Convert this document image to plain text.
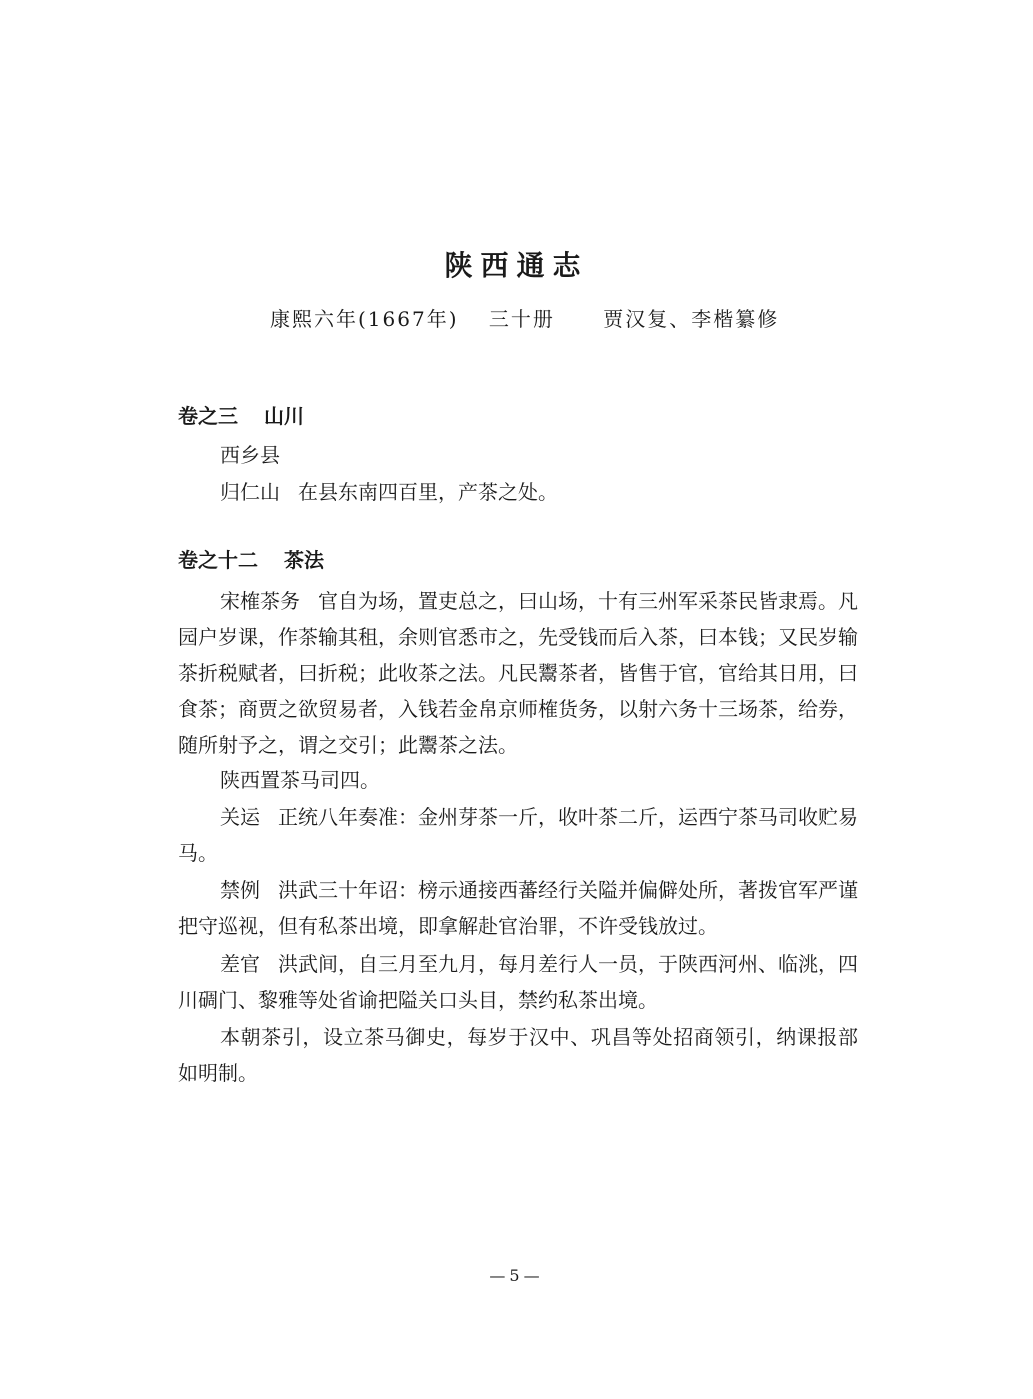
陕西通志
康熙六年(1667年) 三十册 贾汉复、李楷纂修
卷之三 山川
西乡县
归仁山 在县东南四百里，产茶之处。
卷之十二 茶法
宋榷茶务 官自为场，置吏总之，曰山场，十有三州军采茶民皆隶焉。凡园户岁课，作茶输其租，余则官悉市之，先受钱而后入茶，曰本钱；又民岁输茶折税赋者，曰折税；此收茶之法。凡民鬻茶者，皆售于官，官给其日用，曰食茶；商贾之欲贸易者，入钱若金帛京师榷货务，以射六务十三场茶，给券，随所射予之，谓之交引；此鬻茶之法。
陕西置茶马司四。
关运 正统八年奏准：金州芽茶一斤，收叶茶二斤，运西宁茶马司收贮易马。
禁例 洪武三十年诏：榜示通接西蕃经行关隘并偏僻处所，著拨官军严谨把守巡视，但有私茶出境，即拿解赴官治罪，不许受钱放过。
差官 洪武间，自三月至九月，每月差行人一员，于陕西河州、临洮，四川碉门、黎雅等处省谕把隘关口头目，禁约私茶出境。
本朝茶引，设立茶马御史，每岁于汉中、巩昌等处招商领引，纳课报部如明制。
—5—
